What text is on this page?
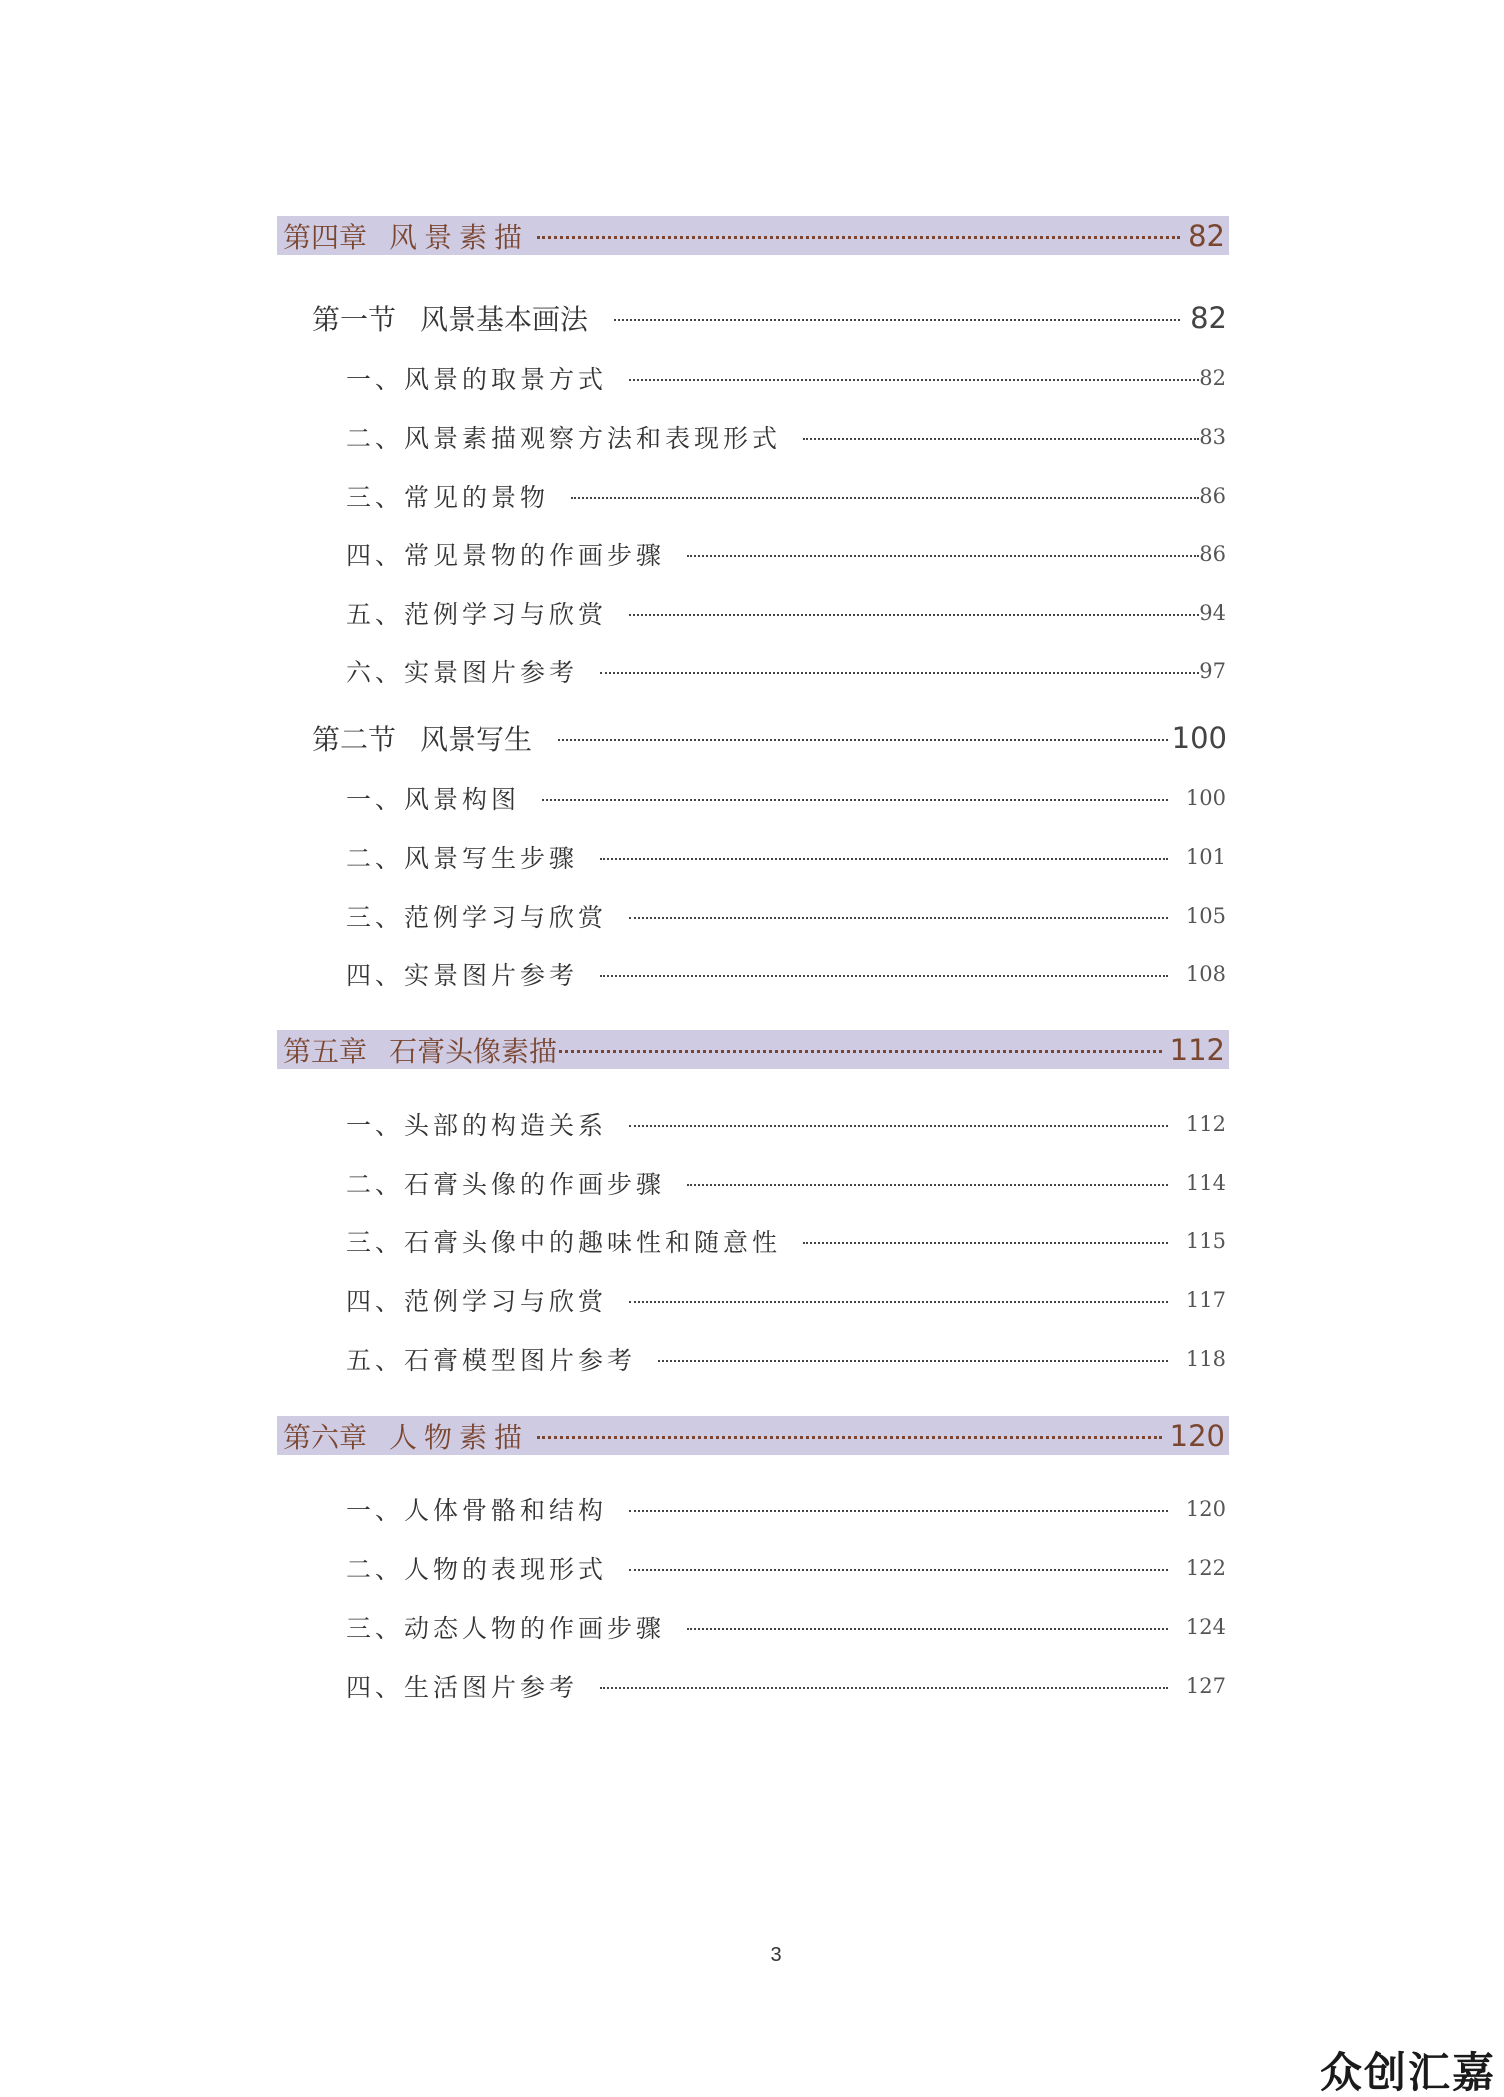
第四章 风景素描	82
第一节 风景基本画法	82
一、风景的取景方式	82
二、风景素描观察方法和表现形式	83
三、常见的景物	86
四、常见景物的作画步骤	86
五、范例学习与欣赏	94
六、实景图片参考	97
第二节 风景写生	100
一、风景构图	100
二、风景写生步骤	101
三、范例学习与欣赏	105
四、实景图片参考	108
第五章 石膏头像素描	112
一、头部的构造关系	112
二、石膏头像的作画步骤	114
三、石膏头像中的趣味性和随意性	115
四、范例学习与欣赏	117
五、石膏模型图片参考	118
第六章 人物素描	120
一、人体骨骼和结构	120
二、人物的表现形式	122
三、动态人物的作画步骤	124
四、生活图片参考	127
3
众创汇嘉
